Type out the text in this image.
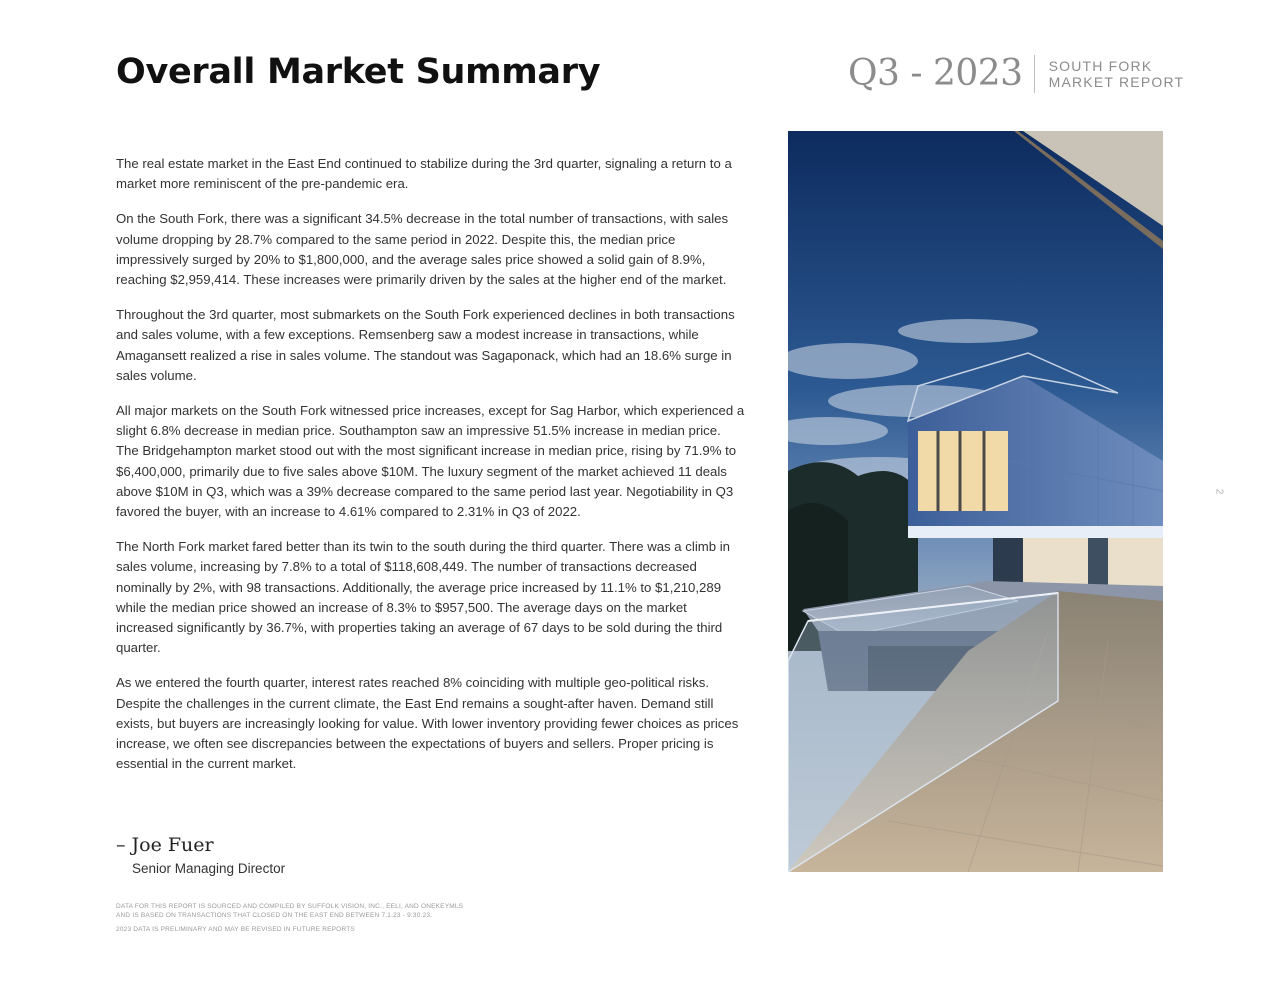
Overall Market Summary	Q3 - 2023 SOUTH FORK
MARKET REPORT

The real estate market in the East End continued to stabilize during the 3rd quarter, signaling a return to a market more reminiscent of the pre-pandemic era.

On the South Fork, there was a significant 34.5% decrease in the total number of transactions, with sales volume dropping by 28.7% compared to the same period in 2022. Despite this, the median price impressively surged by 20% to $1,800,000, and the average sales price showed a solid gain of 8.9%, reaching $2,959,414. These increases were primarily driven by the sales at the higher end of the market.

Throughout the 3rd quarter, most submarkets on the South Fork experienced declines in both transactions and sales volume, with a few exceptions. Remsenberg saw a modest increase in transactions, while Amagansett realized a rise in sales volume. The standout was Sagaponack, which had an 18.6% surge in sales volume.

All major markets on the South Fork witnessed price increases, except for Sag Harbor, which experienced a slight 6.8% decrease in median price. Southampton saw an impressive 51.5% increase in median price. The Bridgehampton market stood out with the most significant increase in median price, rising by 71.9% to $6,400,000, primarily due to five sales above $10M. The luxury segment of the market achieved 11 deals above $10M in Q3, which was a 39% decrease compared to the same period last year. Negotiability in Q3 favored the buyer, with an increase to 4.61% compared to 2.31% in Q3 of 2022.

The North Fork market fared better than its twin to the south during the third quarter. There was a climb in sales volume, increasing by 7.8% to a total of $118,608,449. The number of transactions decreased nominally by 2%, with 98 transactions. Additionally, the average price increased by 11.1% to $1,210,289 while the median price showed an increase of 8.3% to $957,500. The average days on the market increased significantly by 36.7%, with properties taking an average of 67 days to be sold during the third quarter.

As we entered the fourth quarter, interest rates reached 8% coinciding with multiple geo-political risks. Despite the challenges in the current climate, the East End remains a sought-after haven. Demand still exists, but buyers are increasingly looking for value. With lower inventory providing fewer choices as prices increase, we often see discrepancies between the expectations of buyers and sellers. Proper pricing is essential in the current market.

– Joe Fuer
Senior Managing Director
DATA FOR THIS REPORT IS SOURCED AND COMPILED BY SUFFOLK VISION, INC., EELI, AND ONEKEYMLS
AND IS BASED ON TRANSACTIONS THAT CLOSED ON THE EAST END BETWEEN 7.1.23 - 9.30.23.
2023 DATA IS PRELIMINARY AND MAY BE REVISED IN FUTURE REPORTS
2
